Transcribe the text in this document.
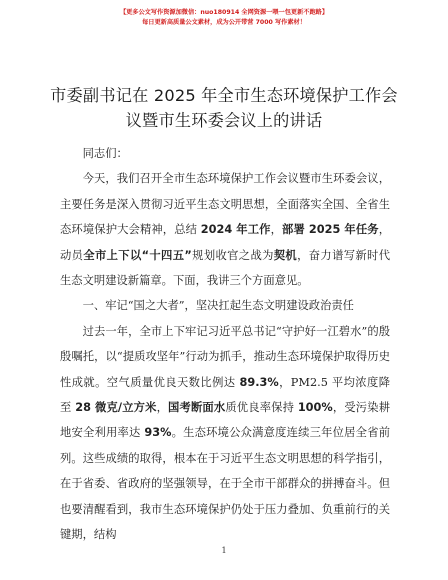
【更多公文写作资源加微信：nuo180914 全网资源一喂一包更新不跑路】
每日更新高质量公文素材，成为公开带营 7000 写作素材！
市委副书记在 2025 年全市生态环境保护工作会
议暨市生环委会议上的讲话

同志们：

今天，我们召开全市生态环境保护工作会议暨市生环委会议，主要任务是深入贯彻习近平生态文明思想，全面落实全国、全省生态环境保护大会精神，总结 2024 年工作，部署 2025 年任务，动员全市上下以“十四五”规划收官之战为契机，奋力谱写新时代生态文明建设新篇章。下面，我讲三个方面意见。

一、牢记“国之大者”，坚决扛起生态文明建设政治责任

过去一年，全市上下牢记习近平总书记“守护好一江碧水”的殷殷嘱托，以“提质攻坚年”行动为抓手，推动生态环境保护取得历史性成就。空气质量优良天数比例达 89.3%，PM2.5 平均浓度降至 28 微克/立方米，国考断面水质优良率保持 100%，受污染耕地安全利用率达 93%。生态环境公众满意度连续三年位居全省前列。这些成绩的取得，根本在于习近平生态文明思想的科学指引，在于省委、省政府的坚强领导，在于全市干部群众的拼搏奋斗。但也要清醒看到，我市生态环境保护仍处于压力叠加、负重前行的关键期，结构

1
